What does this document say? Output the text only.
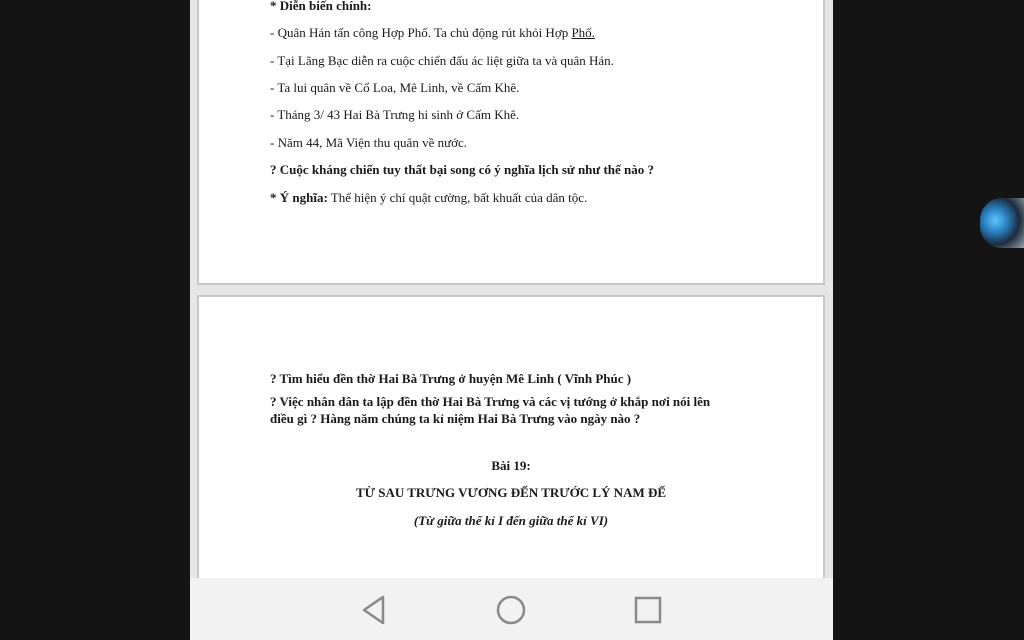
* Diễn biến chính:
- Quân Hán tấn công Hợp Phố. Ta chủ động rút khỏi Hợp Phố.
- Tại Lãng Bạc diễn ra cuộc chiến đấu ác liệt giữa ta và quân Hán.
- Ta lui quân về Cổ Loa, Mê Linh, về Cấm Khê.
- Tháng 3/ 43 Hai Bà Trưng hi sinh ở Cấm Khê.
- Năm 44, Mã Viện thu quân về nước.
? Cuộc kháng chiến tuy thất bại song có ý nghĩa lịch sử như thế nào ?
* Ý nghĩa: Thể hiện ý chí quật cường, bất khuất của dân tộc.
? Tìm hiểu đền thờ Hai Bà Trưng ở huyện Mê Linh ( Vĩnh Phúc )
? Việc nhân dân ta lập đền thờ Hai Bà Trưng và các vị tướng ở khắp nơi nói lên
điều gì ? Hàng năm chúng ta kỉ niệm Hai Bà Trưng vào ngày nào ?
Bài 19:
TỪ SAU TRƯNG VƯƠNG ĐẾN TRƯỚC LÝ NAM ĐẾ
(Từ giữa thế kỉ I đến giữa thế kỉ VI)
